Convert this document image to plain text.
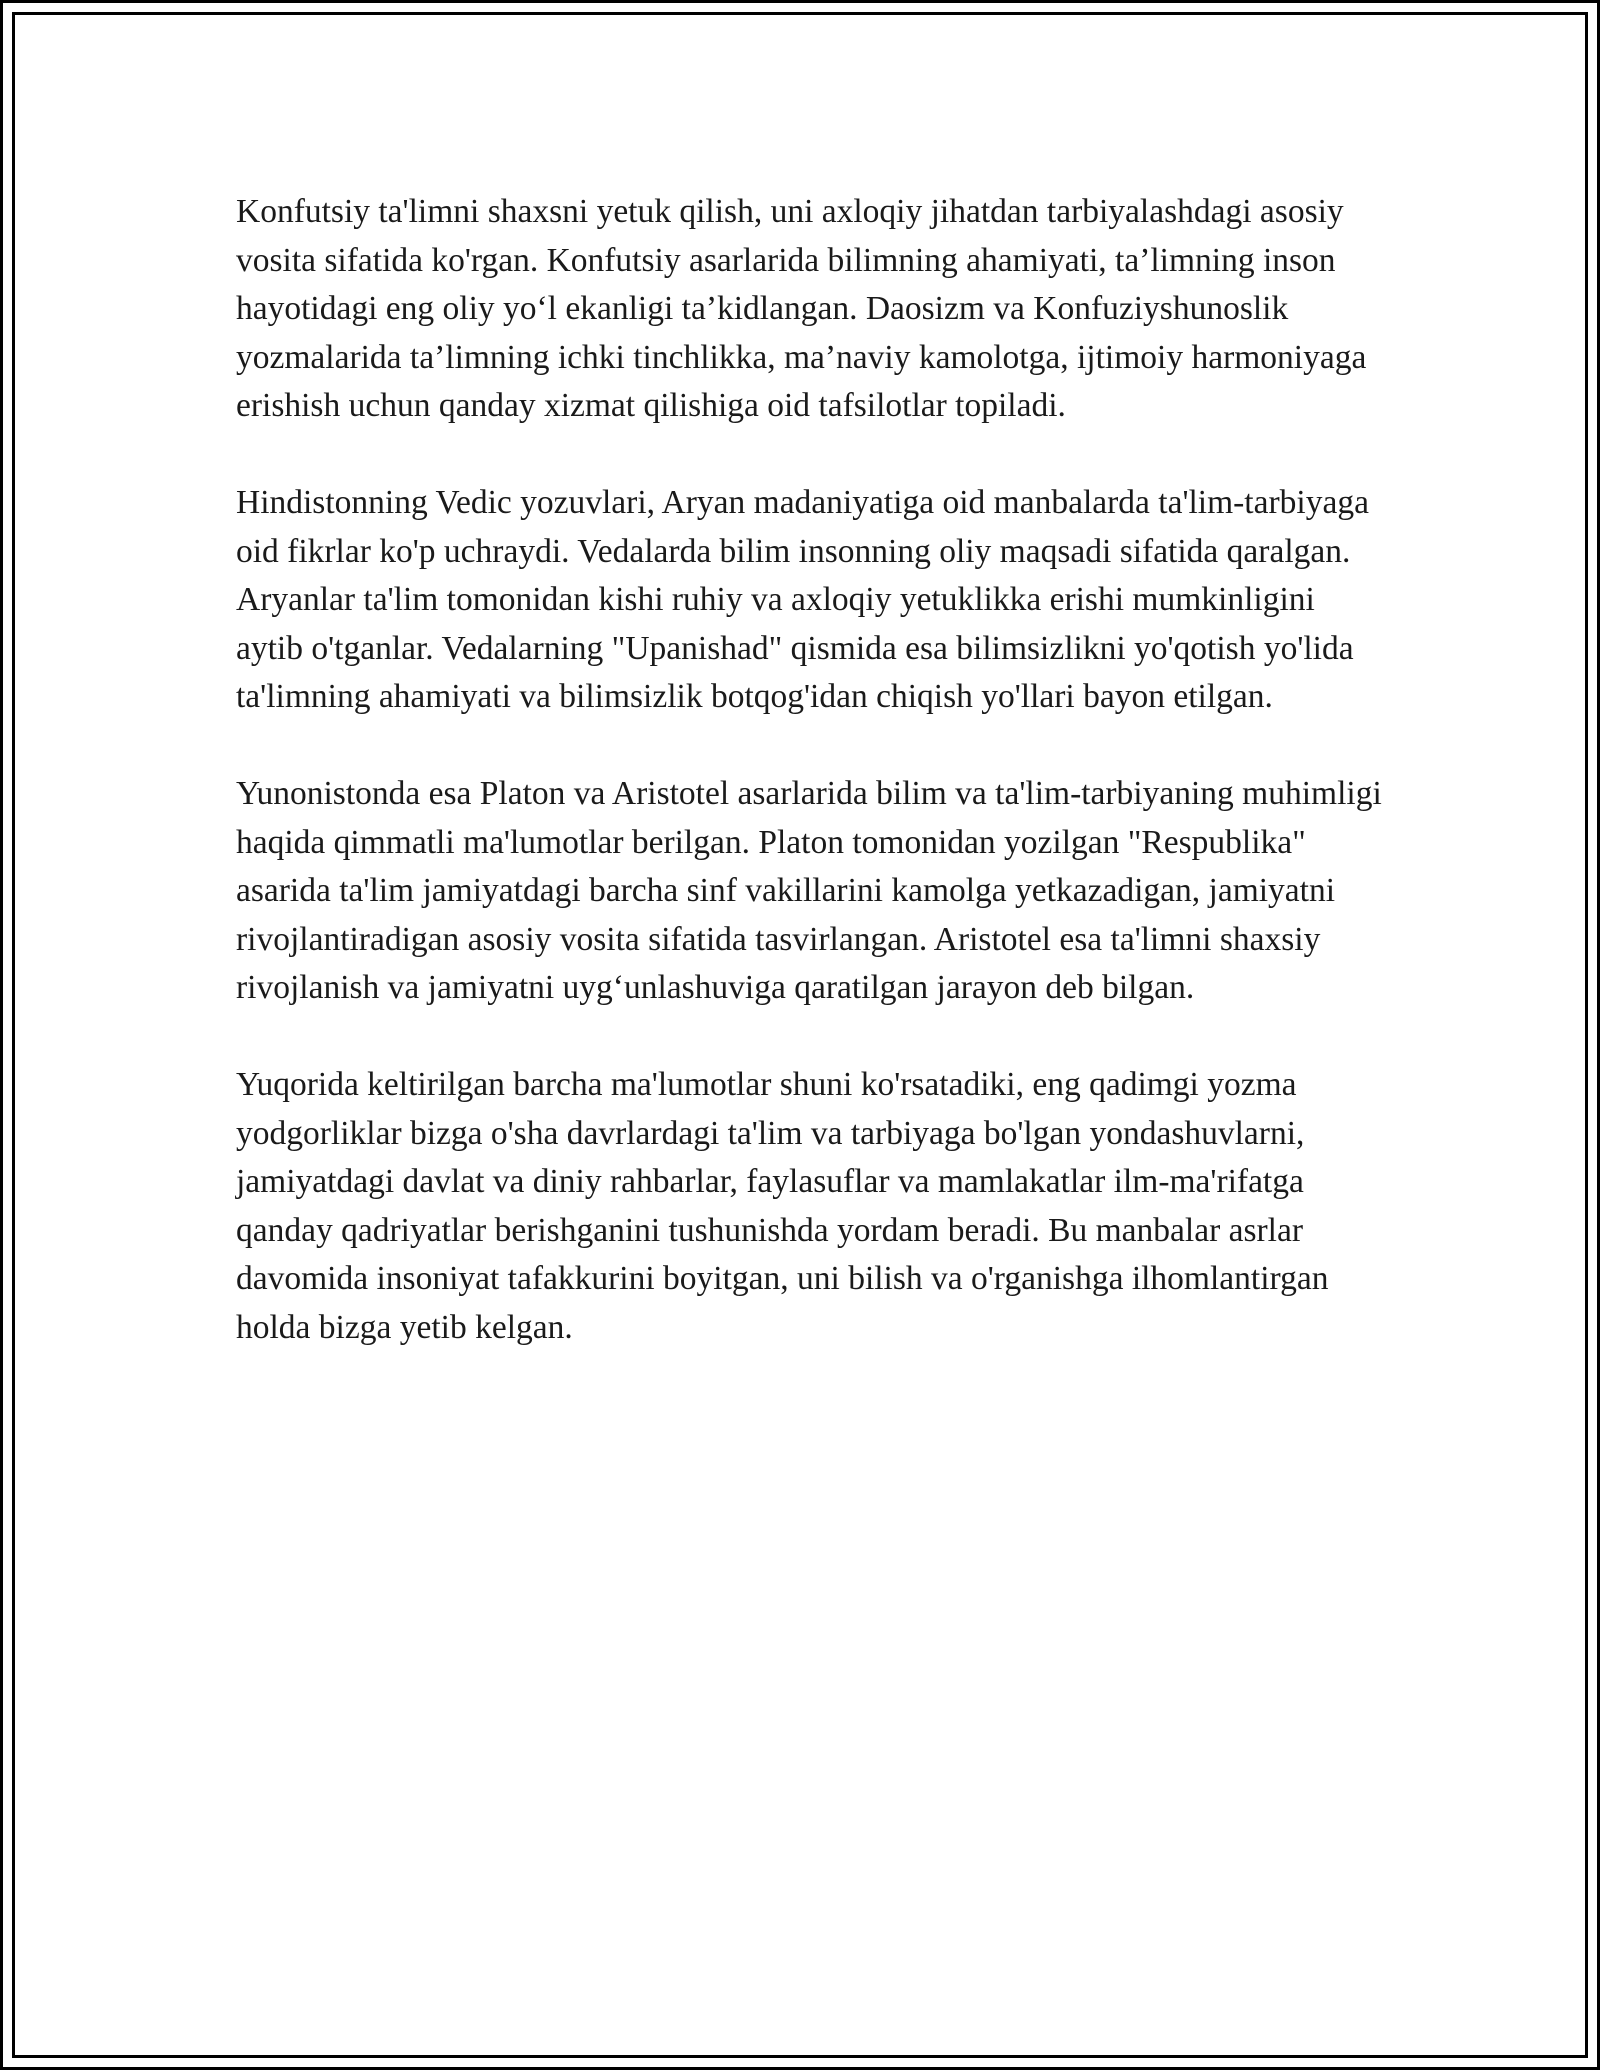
Konfutsiy ta'limni shaxsni yetuk qilish, uni axloqiy jihatdan tarbiyalashdagi asosiy vosita sifatida ko'rgan. Konfutsiy asarlarida bilimning ahamiyati, ta’limning inson hayotidagi eng oliy yo‘l ekanligi ta’kidlangan. Daosizm va Konfuziyshunoslik yozmalarida ta’limning ichki tinchlikka, ma’naviy kamolotga, ijtimoiy harmoniyaga erishish uchun qanday xizmat qilishiga oid tafsilotlar topiladi.

Hindistonning Vedic yozuvlari, Aryan madaniyatiga oid manbalarda ta'lim-tarbiyaga oid fikrlar ko'p uchraydi. Vedalarda bilim insonning oliy maqsadi sifatida qaralgan. Aryanlar ta'lim tomonidan kishi ruhiy va axloqiy yetuklikka erishi mumkinligini aytib o'tganlar. Vedalarning "Upanishad" qismida esa bilimsizlikni yo'qotish yo'lida ta'limning ahamiyati va bilimsizlik botqog'idan chiqish yo'llari bayon etilgan.

Yunonistonda esa Platon va Aristotel asarlarida bilim va ta'lim-tarbiyaning muhimligi haqida qimmatli ma'lumotlar berilgan. Platon tomonidan yozilgan "Respublika" asarida ta'lim jamiyatdagi barcha sinf vakillarini kamolga yetkazadigan, jamiyatni rivojlantiradigan asosiy vosita sifatida tasvirlangan. Aristotel esa ta'limni shaxsiy rivojlanish va jamiyatni uyg‘unlashuviga qaratilgan jarayon deb bilgan.

Yuqorida keltirilgan barcha ma'lumotlar shuni ko'rsatadiki, eng qadimgi yozma yodgorliklar bizga o'sha davrlardagi ta'lim va tarbiyaga bo'lgan yondashuvlarni, jamiyatdagi davlat va diniy rahbarlar, faylasuflar va mamlakatlar ilm-ma'rifatga qanday qadriyatlar berishganini tushunishda yordam beradi. Bu manbalar asrlar davomida insoniyat tafakkurini boyitgan, uni bilish va o'rganishga ilhomlantirgan holda bizga yetib kelgan.
